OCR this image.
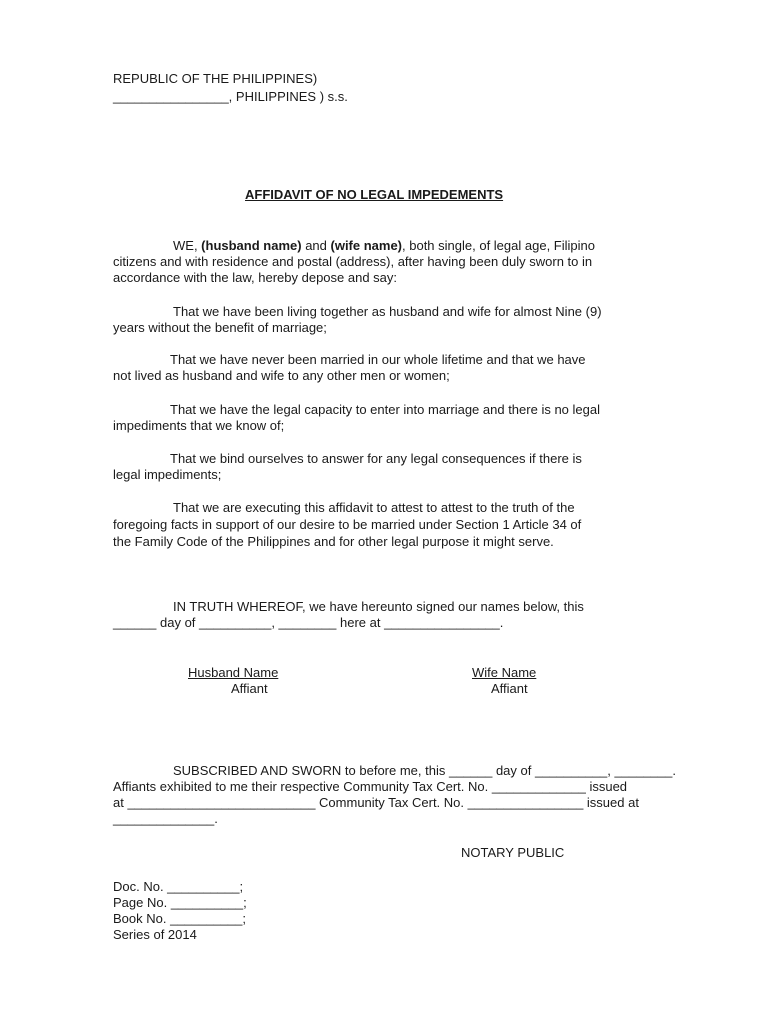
REPUBLIC OF THE PHILIPPINES)
________________, PHILIPPINES ) s.s.
AFFIDAVIT OF NO LEGAL IMPEDEMENTS
WE, (husband name) and (wife name), both single, of legal age, Filipino
citizens and with residence and postal (address), after having been duly sworn to in
accordance with the law, hereby depose and say:
That we have been living together as husband and wife for almost Nine (9)
years without the benefit of marriage;
That we have never been married in our whole lifetime and that we have
not lived as husband and wife to any other men or women;
That we have the legal capacity to enter into marriage and there is no legal
impediments that we know of;
That we bind ourselves to answer for any legal consequences if there is
legal impediments;
That we are executing this affidavit to attest to attest to the truth of the
foregoing facts in support of our desire to be married under Section 1 Article 34 of
the Family Code of the Philippines and for other legal purpose it might serve.
IN TRUTH WHEREOF, we have hereunto signed our names below, this
______ day of __________, ________ here at ________________.
Husband Name
Affiant
Wife Name
Affiant
SUBSCRIBED AND SWORN to before me, this ______ day of __________, ________.
Affiants exhibited to me their respective Community Tax Cert. No. _____________ issued
at __________________________ Community Tax Cert. No. ________________ issued at
______________.
NOTARY PUBLIC
Doc. No. __________;
Page No. __________;
Book No. __________;
Series of 2014
